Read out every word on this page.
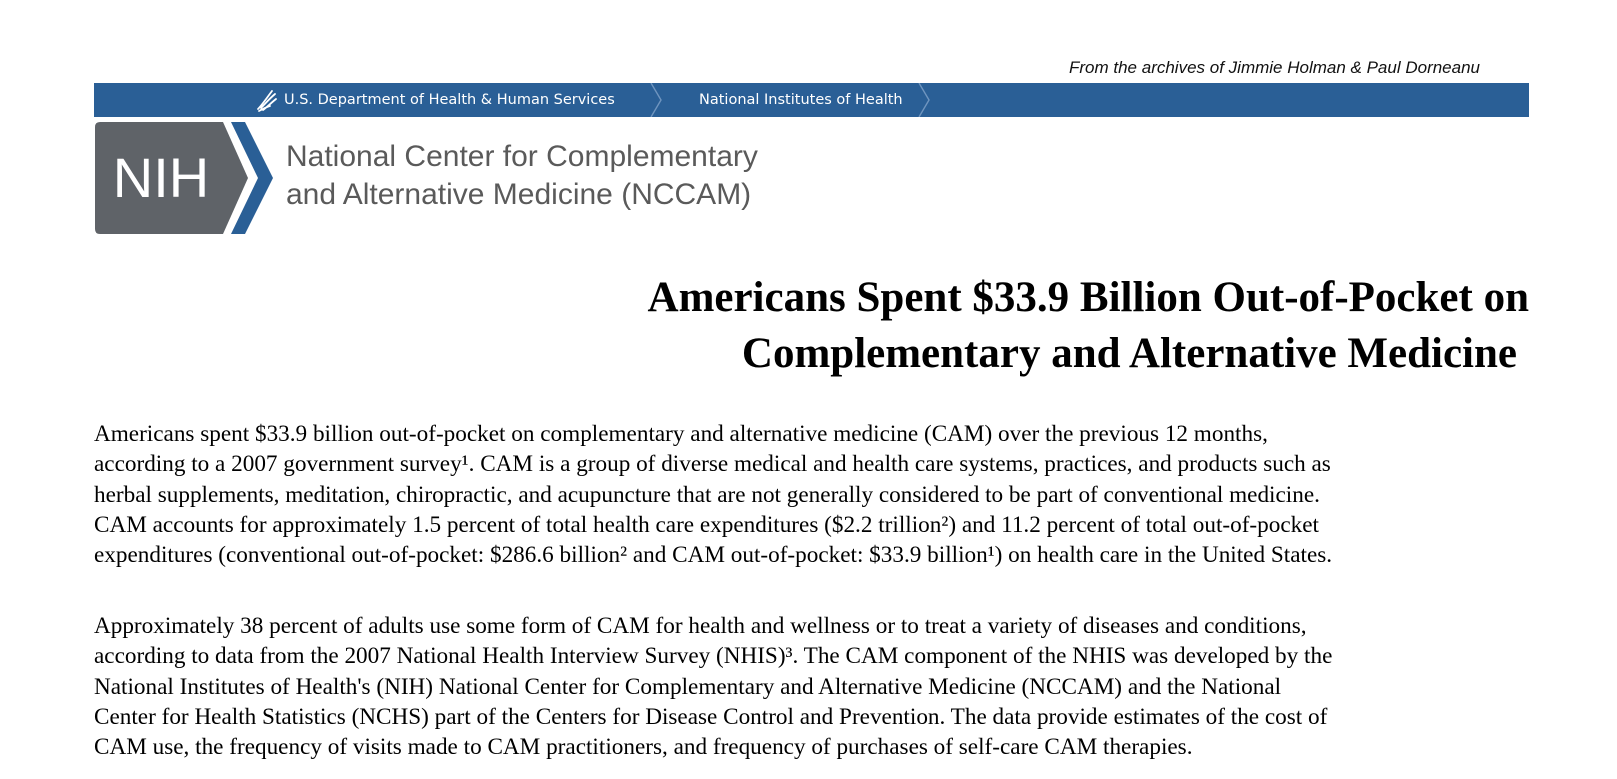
From the archives of Jimmie Holman & Paul Dorneanu
U.S. Department of Health & Human Services	National Institutes of Health
NIH	National Center for Complementary
and Alternative Medicine (NCCAM)
Americans Spent $33.9 Billion Out-of-Pocket on
Complementary and Alternative Medicine
Americans spent $33.9 billion out-of-pocket on complementary and alternative medicine (CAM) over the previous 12 months,
according to a 2007 government survey¹. CAM is a group of diverse medical and health care systems, practices, and products such as
herbal supplements, meditation, chiropractic, and acupuncture that are not generally considered to be part of conventional medicine.
CAM accounts for approximately 1.5 percent of total health care expenditures ($2.2 trillion²) and 11.2 percent of total out-of-pocket
expenditures (conventional out-of-pocket: $286.6 billion² and CAM out-of-pocket: $33.9 billion¹) on health care in the United States.
Approximately 38 percent of adults use some form of CAM for health and wellness or to treat a variety of diseases and conditions,
according to data from the 2007 National Health Interview Survey (NHIS)³. The CAM component of the NHIS was developed by the
National Institutes of Health's (NIH) National Center for Complementary and Alternative Medicine (NCCAM) and the National
Center for Health Statistics (NCHS) part of the Centers for Disease Control and Prevention. The data provide estimates of the cost of
CAM use, the frequency of visits made to CAM practitioners, and frequency of purchases of self-care CAM therapies.
